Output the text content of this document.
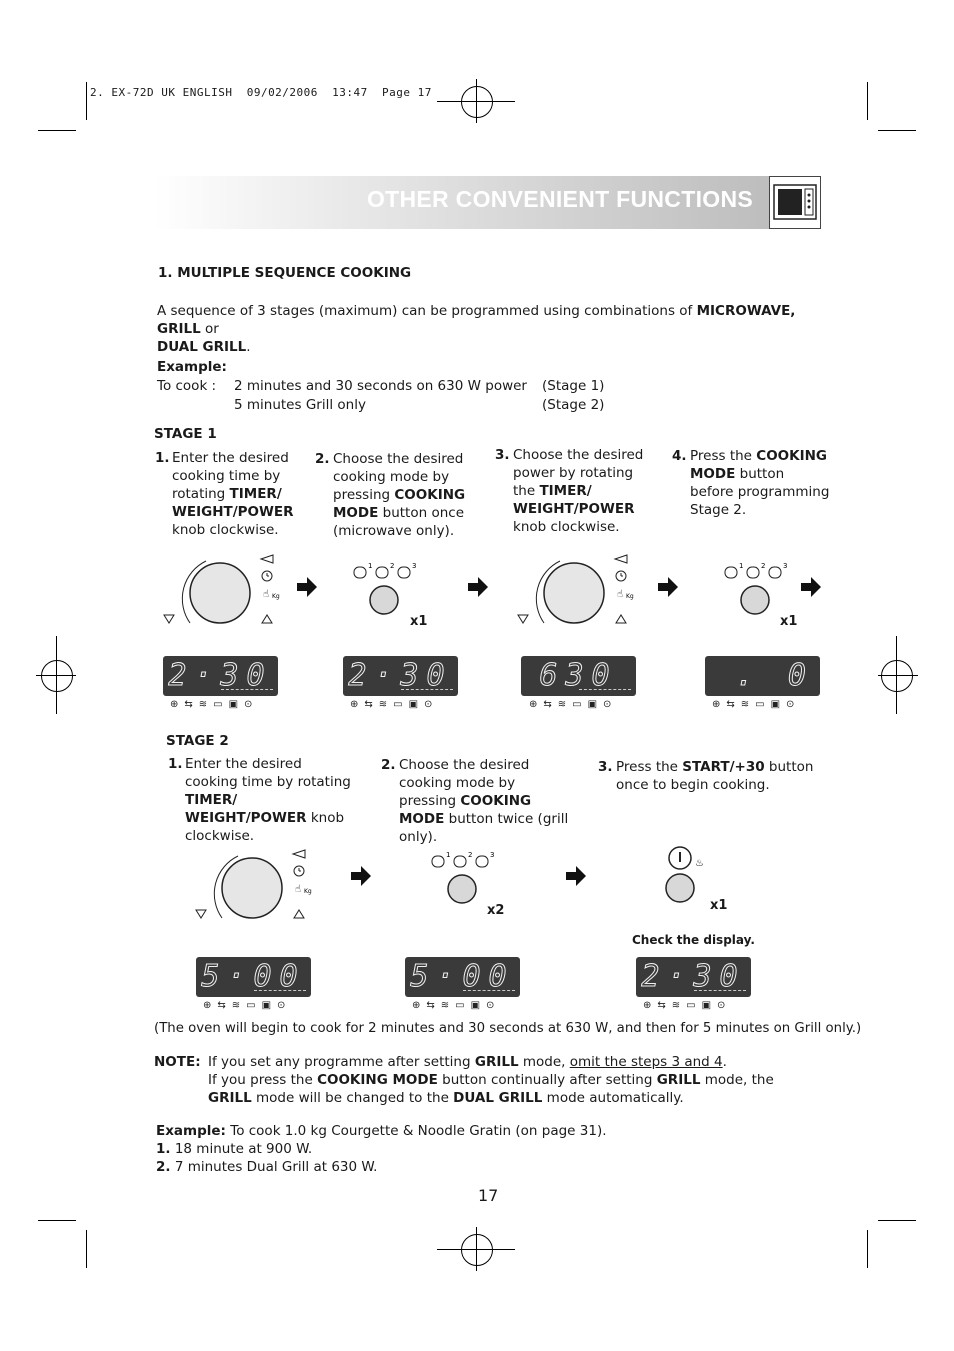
2. EX-72D UK ENGLISH  09/02/2006  13:47  Page 17
OTHER CONVENIENT FUNCTIONS
1. MULTIPLE SEQUENCE COOKING
A sequence of 3 stages (maximum) can be programmed using combinations of MICROWAVE, GRILL or
DUAL GRILL.
Example:
To cook : 2 minutes and 30 seconds on 630 W power (Stage 1)
5 minutes Grill only	(Stage 2)
STAGE 1
1. Enter the desired cooking time by rotating TIMER/ WEIGHT/POWER knob clockwise.
2. Choose the desired cooking mode by pressing COOKING MODE button once (microwave only).
3. Choose the desired power by rotating the TIMER/ WEIGHT/POWER knob clockwise.
4. Press the COOKING MODE button before programming Stage 2.
☝ Kg
1	2	3
x1
☝ Kg
1	2	3
x1
2·30
⊕⇆≋▭▣⊙
2·30
⊕⇆≋▭▣⊙
630
⊕⇆≋▭▣⊙
. 0
⊕⇆≋▭▣⊙
STAGE 2
1. Enter the desired cooking time by rotating TIMER/ WEIGHT/POWER knob clockwise.
2. Choose the desired cooking mode by pressing COOKING MODE button twice (grill only).
3. Press the START/+30 button once to begin cooking.
☝ Kg
1	2	3
x2
♨
x1
Check the display.
5·00
⊕⇆≋▭▣⊙
5·00
⊕⇆≋▭▣⊙
2·30
⊕⇆≋▭▣⊙
(The oven will begin to cook for 2 minutes and 30 seconds at 630 W, and then for 5 minutes on Grill only.)
NOTE: If you set any programme after setting GRILL mode, omit the steps 3 and 4.
If you press the COOKING MODE button continually after setting GRILL mode, the
GRILL mode will be changed to the DUAL GRILL mode automatically.
Example: To cook 1.0 kg Courgette & Noodle Gratin (on page 31).
1. 18 minute at 900 W.
2. 7 minutes Dual Grill at 630 W.
17
